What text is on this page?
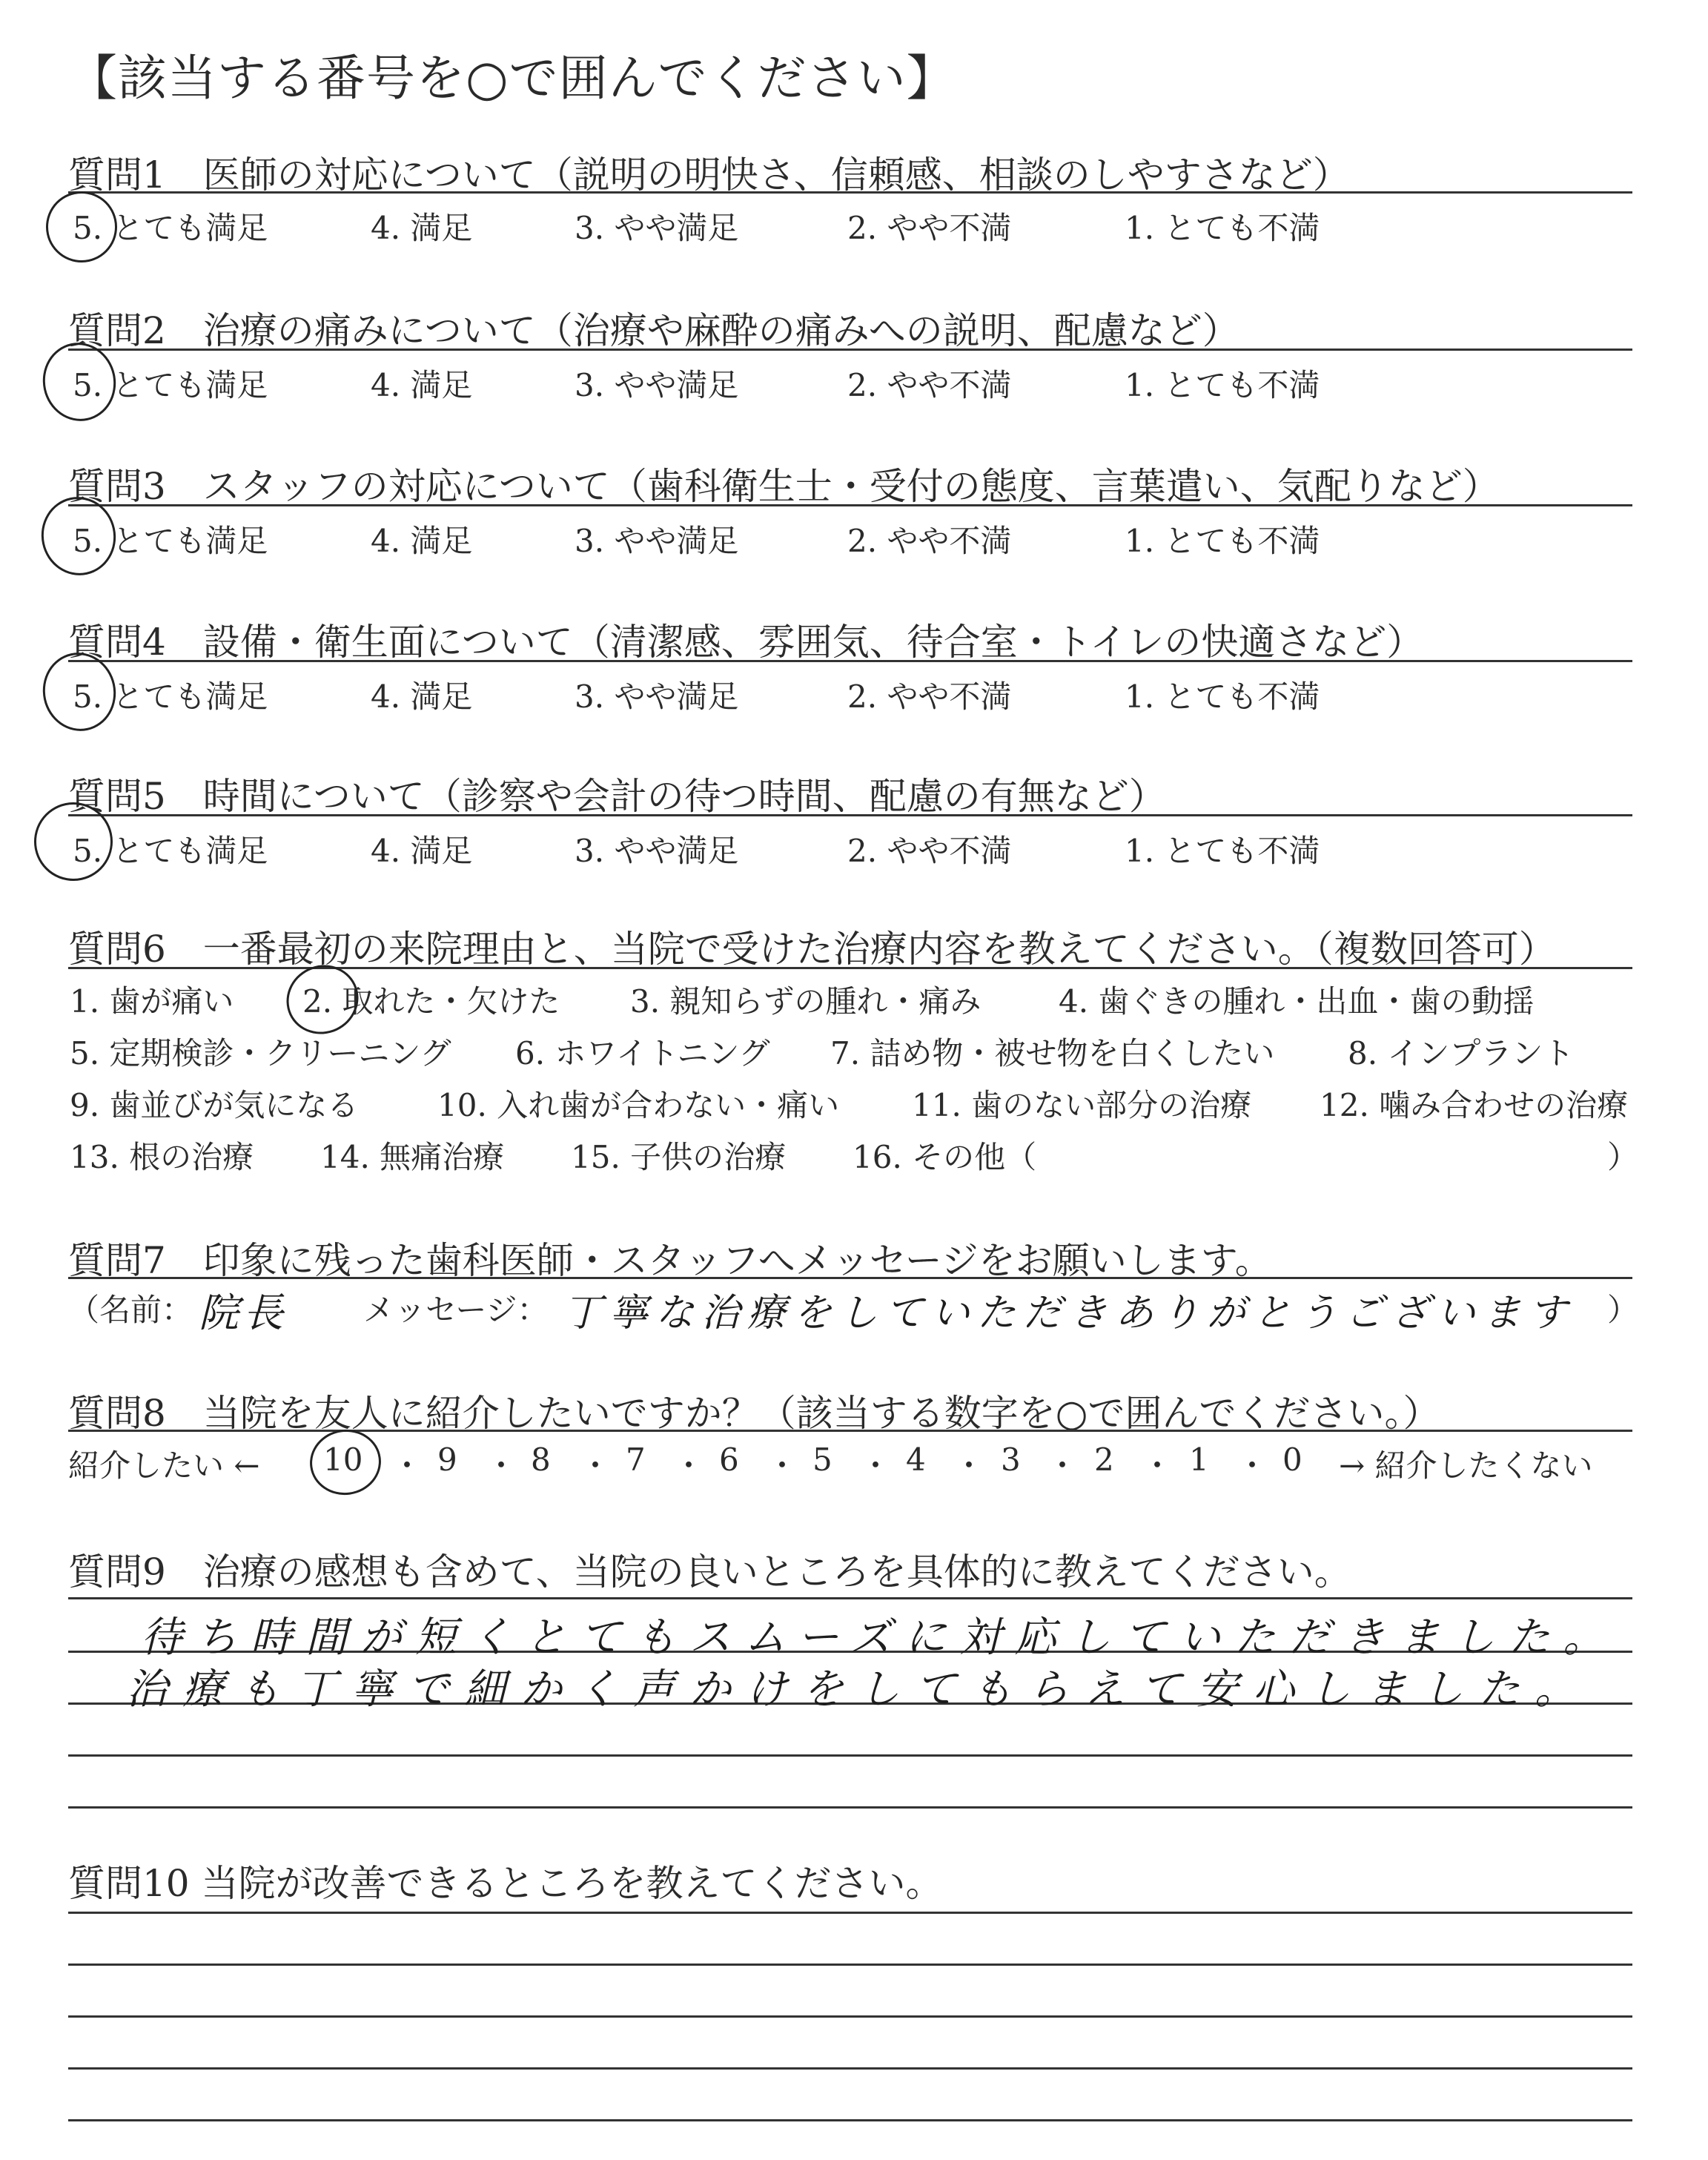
【該当する番号を○で囲んでください】
質問1　医師の対応について（説明の明快さ、信頼感、相談のしやすさなど）
5. とても満足	4. 満足	3. やや満足	2. やや不満	1. とても不満
質問2　治療の痛みについて（治療や麻酔の痛みへの説明、配慮など）
5. とても満足	4. 満足	3. やや満足	2. やや不満	1. とても不満
質問3　スタッフの対応について（歯科衛生士・受付の態度、言葉遣い、気配りなど）
5. とても満足	4. 満足	3. やや満足	2. やや不満	1. とても不満
質問4　設備・衛生面について（清潔感、雰囲気、待合室・トイレの快適さなど）
5. とても満足	4. 満足	3. やや満足	2. やや不満	1. とても不満
質問5　時間について（診察や会計の待つ時間、配慮の有無など）
5. とても満足	4. 満足	3. やや満足	2. やや不満	1. とても不満
質問6　一番最初の来院理由と、当院で受けた治療内容を教えてください。（複数回答可）
1. 歯が痛い 2. 取れた・欠けた 3. 親知らずの腫れ・痛み 4. 歯ぐきの腫れ・出血・歯の動揺
5. 定期検診・クリーニング 6. ホワイトニング 7. 詰め物・被せ物を白くしたい 8. インプラント
9. 歯並びが気になる	10. 入れ歯が合わない・痛い 11. 歯のない部分の治療 12. 噛み合わせの治療
13. 根の治療 14. 無痛治療 15. 子供の治療 16. その他（	）
質問7　印象に残った歯科医師・スタッフへメッセージをお願いします。
（名前： 院長 メッセージ： 丁寧な治療をしていただきありがとうございます ）
質問8　当院を友人に紹介したいですか？（該当する数字を○で囲んでください。）
紹介したい ← 10 ・ 9 ・ 8 ・ 7 ・ 6 ・ 5 ・ 4 ・ 3 ・ 2 ・ 1 ・ 0 → 紹介したくない
質問9　治療の感想も含めて、当院の良いところを具体的に教えてください。
待ち時間が短くとてもスムーズに対応していただきました。
治療も丁寧で細かく声かけをしてもらえて安心しました。
質問10 当院が改善できるところを教えてください。
